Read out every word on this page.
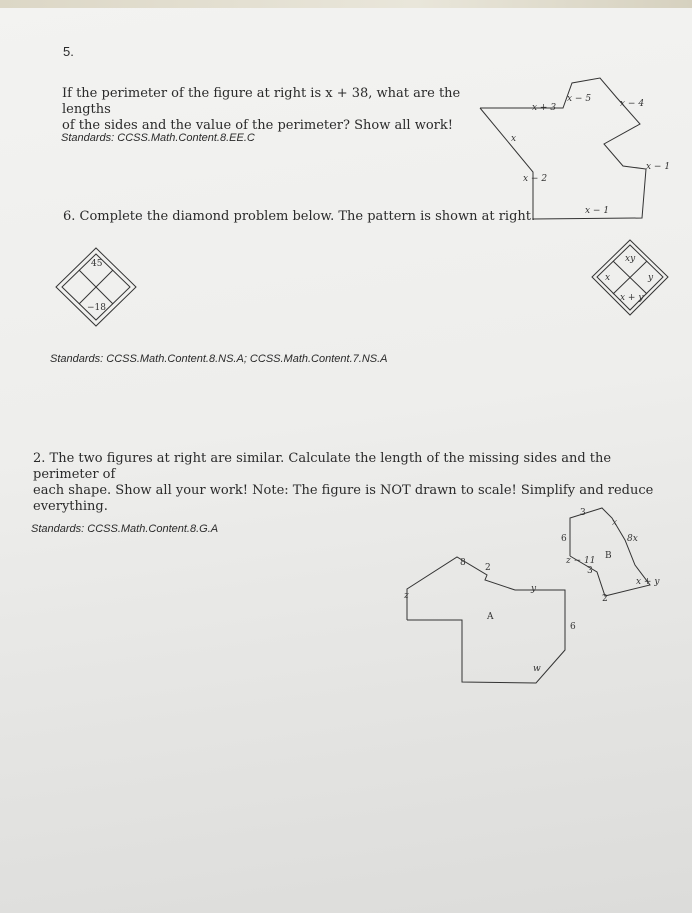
5.
If the perimeter of the figure at right is x + 38, what are the lengths
of the sides and the value of the perimeter? Show all work!
Standards: CCSS.Math.Content.8.EE.C
x + 3
x − 5	x − 4
x
x − 1
x − 2
x − 1
6. Complete the diamond problem below. The pattern is shown at right.
45
−18
xy
x	y
x + y
Standards: CCSS.Math.Content.8.NS.A; CCSS.Math.Content.7.NS.A
2. The two figures at right are similar. Calculate the length of the missing sides and the perimeter of
each shape. Show all your work! Note: The figure is NOT drawn to scale! Simplify and reduce
everything.
Standards: CCSS.Math.Content.8.G.A
A
8 2
z
y
6
w
B
3
6
x
8x
z − 11
3
2
x + y
